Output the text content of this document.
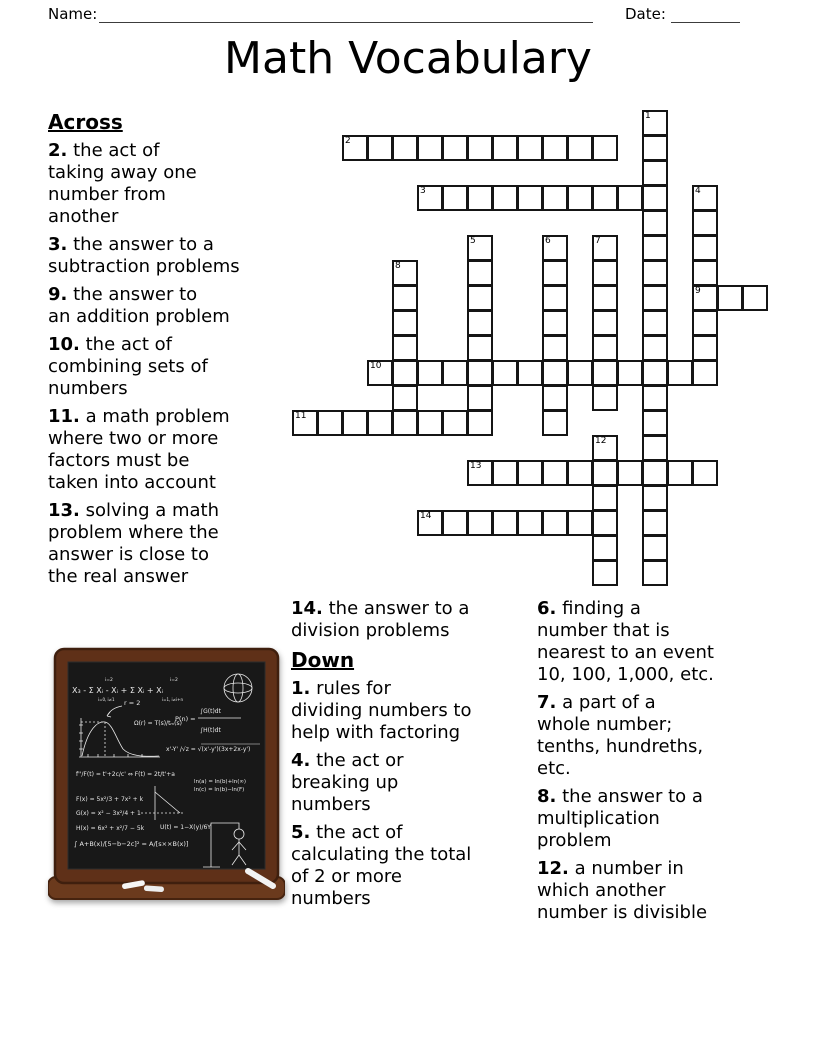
Name:	Date:
Math Vocabulary
Across

2. the act of
taking away one
number from
another

3. the answer to a
subtraction problems

9. the answer to
an addition problem

10. the act of
combining sets of
numbers

11. a math problem
where two or more
factors must be
taken into account

13. solving a math
problem where the
answer is close to
the real answer

1
2
3	4
9
5	6	7
8
10
11
12
13
14

14. the answer to a
division problems

Down

1. rules for
dividing numbers to
help with factoring

4. the act or
breaking up
numbers

5. the act of
calculating the total
of 2 or more
numbers

6. finding a
number that is
nearest to an event
10, 100, 1,000, etc.

7. a part of a
whole number;
tenths, hundreths,
etc.

8. the answer to a
multiplication
problem

12. a number in
which another
number is divisible

X₃ - Σ Xᵢ - Xᵢ + Σ Xᵢ + Xᵢ
i=2	i=2
i=0, i≠1	i=1, i≠i+n
r = 2
Ω(r) = T(s)/tₘ(s)
P(n) =
∫G(t)dt
∫H(t)dt
x'-Y' /√z = √(x'-y')(3x+2x-y')
f''/F(t) = t'+2c/c' ⇔ F(t) = 2t/t'+a
ln(a) = ln(b)+ln(∞)
ln(c) = ln(b)−ln(F)
F(x) = 5x²/3 + 7x² + k
G(x) = x² − 3x²/4 + 1
H(x) = 6x² + x²/7 − 5k	U(t) = 1−X(y)/6Y
∫ A+B(x)/[5−b−2c]² = A/[s××B(x)]
